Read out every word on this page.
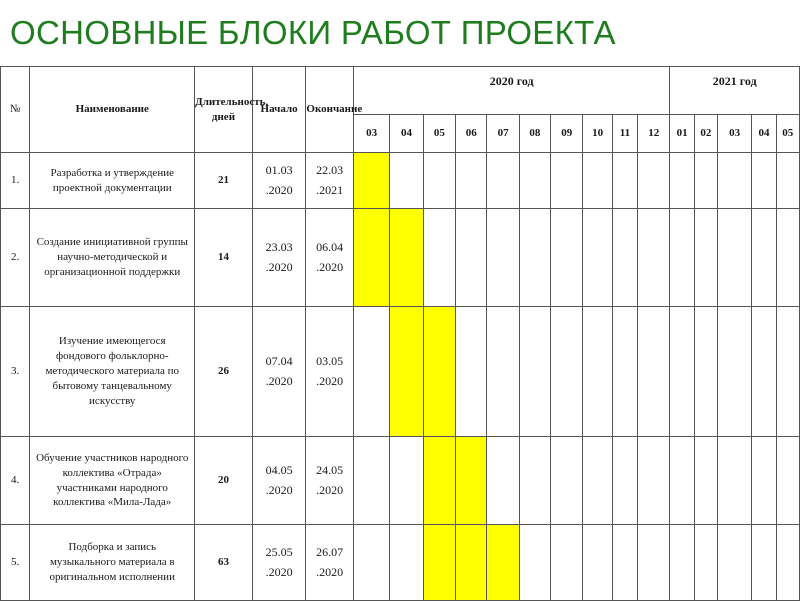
ОСНОВНЫЕ БЛОКИ РАБОТ ПРОЕКТА
№	Наименование	Длительность, дней	Начало	Окончание	2020 год										2021 год				
					03	04	05	06	07	08	09	10	11	12	01	02	03	04	05
1.	Разработка и утверждение проектной документации	21	01.03 .2020	22.03 .2021															
2.	Создание инициативной группы научно-методической и организационной поддержки	14	23.03 .2020	06.04 .2020															
3.	Изучение имеющегося фондового фольклорно-методического материала по бытовому танцевальному искусству	26	07.04 .2020	03.05 .2020															
4.	Обучение участников народного коллектива «Отрада» участниками народного коллектива «Мила-Лада»	20	04.05 .2020	24.05 .2020															
5.	Подборка и запись музыкального материала в оригинальном исполнении	63	25.05 .2020	26.07 .2020															
